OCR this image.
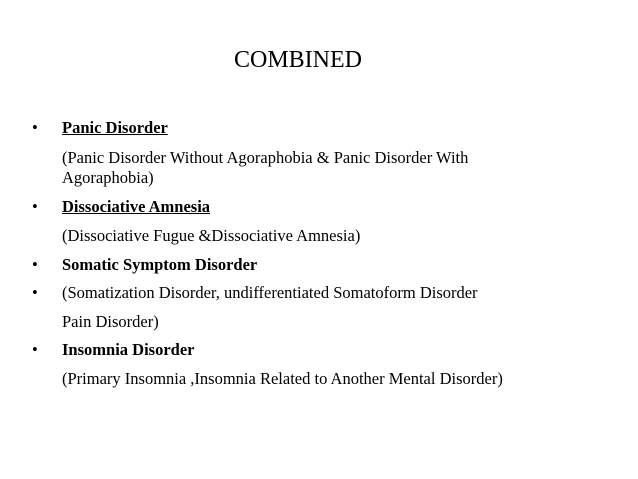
COMBINED
• Panic Disorder
(Panic Disorder Without Agoraphobia & Panic Disorder With
Agoraphobia)
• Dissociative Amnesia
(Dissociative Fugue &Dissociative Amnesia)
• Somatic Symptom Disorder
• (Somatization Disorder, undifferentiated Somatoform Disorder
Pain Disorder)
• Insomnia Disorder
(Primary Insomnia ,Insomnia Related to Another Mental Disorder)
